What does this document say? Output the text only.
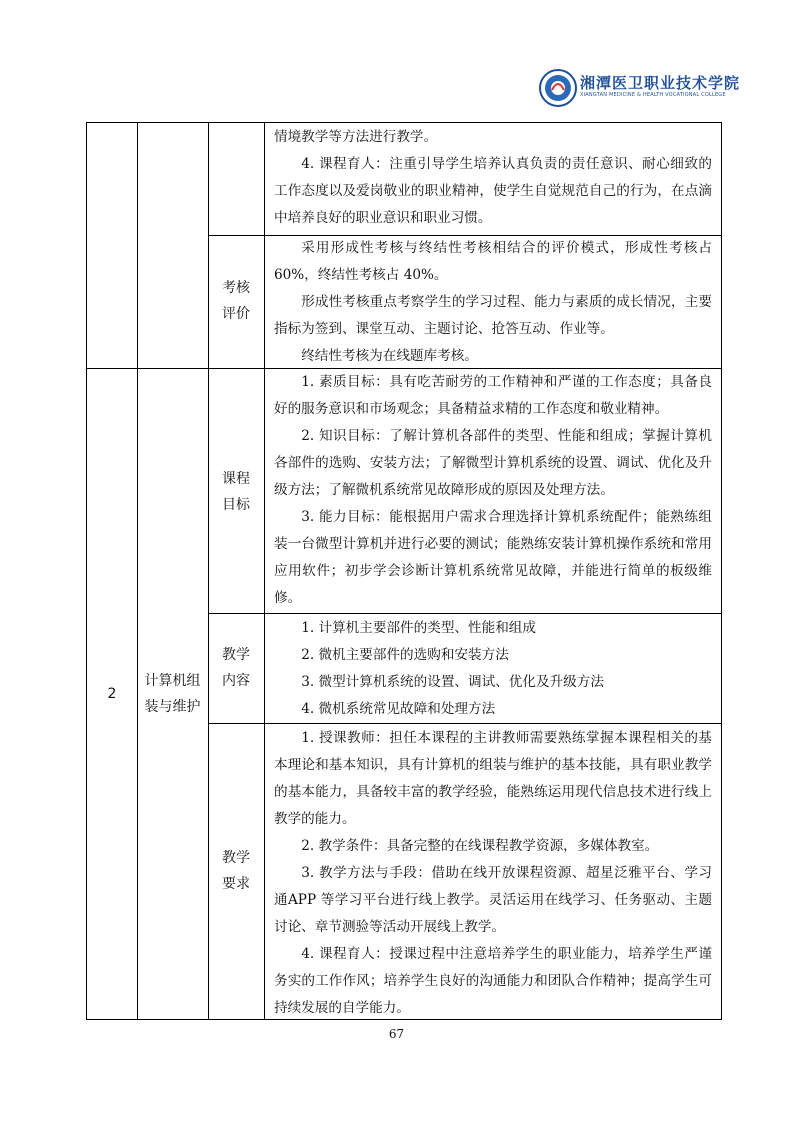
湘潭医卫职业技术学院
XIANGTAN MEDICINE & HEALTH VOCATIONAL COLLEGE

情境教学等方法进行教学。

4. 课程育人：注重引导学生培养认真负责的责任意识、耐心细致的工作态度以及爱岗敬业的职业精神，使学生自觉规范自己的行为，在点滴中培养良好的职业意识和职业习惯。

考核
评价

采用形成性考核与终结性考核相结合的评价模式，形成性考核占60%，终结性考核占 40%。

形成性考核重点考察学生的学习过程、能力与素质的成长情况，主要指标为签到、课堂互动、主题讨论、抢答互动、作业等。

终结性考核为在线题库考核。

2
计算机组
装与维护
课程
目标

1. 素质目标：具有吃苦耐劳的工作精神和严谨的工作态度；具备良好的服务意识和市场观念；具备精益求精的工作态度和敬业精神。

2. 知识目标：了解计算机各部件的类型、性能和组成；掌握计算机各部件的选购、安装方法；了解微型计算机系统的设置、调试、优化及升级方法；了解微机系统常见故障形成的原因及处理方法。

3. 能力目标：能根据用户需求合理选择计算机系统配件；能熟练组装一台微型计算机并进行必要的测试；能熟练安装计算机操作系统和常用应用软件；初步学会诊断计算机系统常见故障，并能进行简单的板级维修。

教学
内容

1. 计算机主要部件的类型、性能和组成

2. 微机主要部件的选购和安装方法

3. 微型计算机系统的设置、调试、优化及升级方法

4. 微机系统常见故障和处理方法

教学
要求

1. 授课教师：担任本课程的主讲教师需要熟练掌握本课程相关的基本理论和基本知识，具有计算机的组装与维护的基本技能，具有职业教学的基本能力，具备较丰富的教学经验，能熟练运用现代信息技术进行线上教学的能力。

2. 教学条件：具备完整的在线课程教学资源，多媒体教室。

3. 教学方法与手段：借助在线开放课程资源、超星泛雅平台、学习通APP 等学习平台进行线上教学。灵活运用在线学习、任务驱动、主题讨论、章节测验等活动开展线上教学。

4. 课程育人：授课过程中注意培养学生的职业能力，培养学生严谨务实的工作作风；培养学生良好的沟通能力和团队合作精神；提高学生可持续发展的自学能力。

67
